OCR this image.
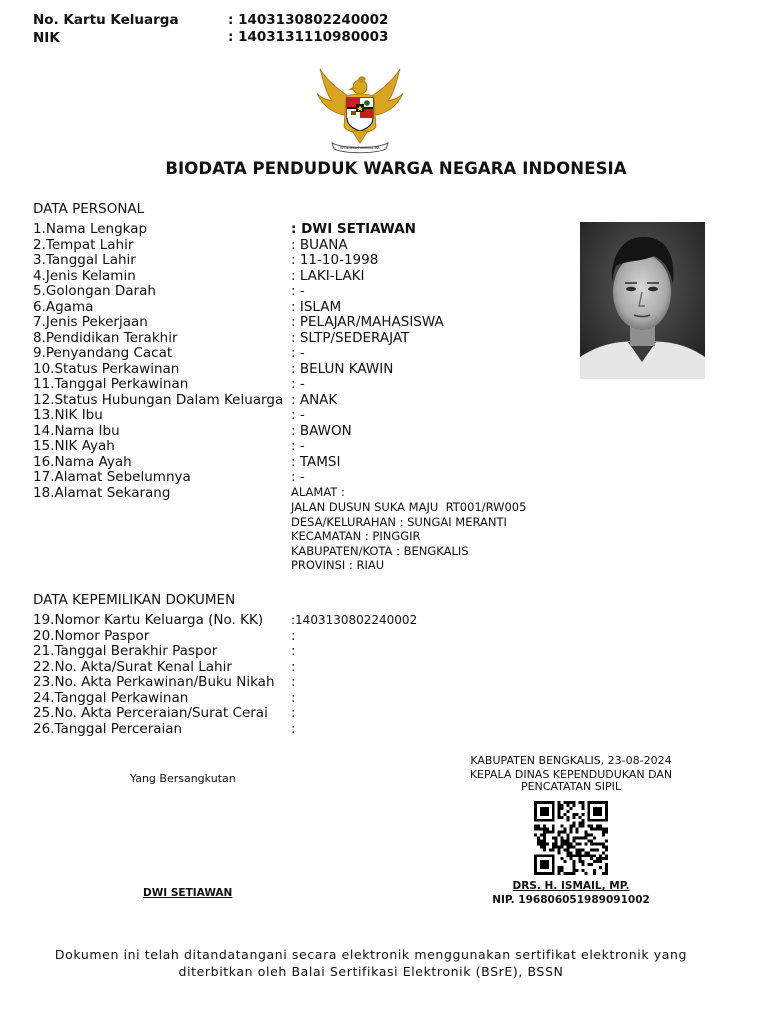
No. Kartu Keluarga	: 1403130802240002
NIK	: 1403131110980003
BHINNEKA TUNGGAL IKA
BIODATA PENDUDUK WARGA NEGARA INDONESIA
DATA PERSONAL
1.Nama Lengkap	: DWI SETIAWAN
2.Tempat Lahir	: BUANA
3.Tanggal Lahir	: 11-10-1998
4.Jenis Kelamin	: LAKI-LAKI
5.Golongan Darah	: -
6.Agama	: ISLAM
7.Jenis Pekerjaan	: PELAJAR/MAHASISWA
8.Pendidikan Terakhir	: SLTP/SEDERAJAT
9.Penyandang Cacat	: -
10.Status Perkawinan	: BELUN KAWIN
11.Tanggal Perkawinan	: -
12.Status Hubungan Dalam Keluarga : ANAK
13.NIK Ibu	: -
14.Nama Ibu	: BAWON
15.NIK Ayah	: -
16.Nama Ayah	: TAMSI
17.Alamat Sebelumnya	: -
18.Alamat Sekarang	ALAMAT :
JALAN DUSUN SUKA MAJU  RT001/RW005
DESA/KELURAHAN : SUNGAI MERANTI
KECAMATAN : PINGGIR
KABUPATEN/KOTA : BENGKALIS
PROVINSI : RIAU
DATA KEPEMILIKAN DOKUMEN
19.Nomor Kartu Keluarga (No. KK) :1403130802240002
20.Nomor Paspor	:
21.Tanggal Berakhir Paspor	:
22.No. Akta/Surat Kenal Lahir	:
23.No. Akta Perkawinan/Buku Nikah :
24.Tanggal Perkawinan	:
25.No. Akta Perceraian/Surat Cerai :
26.Tanggal Perceraian	:
Yang Bersangkutan
DWI SETIAWAN
KABUPATEN BENGKALIS, 23-08-2024
KEPALA DINAS KEPENDUDUKAN DAN
PENCATATAN SIPIL
DRS. H. ISMAIL, MP.
NIP. 196806051989091002
Dokumen ini telah ditandatangani secara elektronik menggunakan sertifikat elektronik yang
diterbitkan oleh Balai Sertifikasi Elektronik (BSrE), BSSN
